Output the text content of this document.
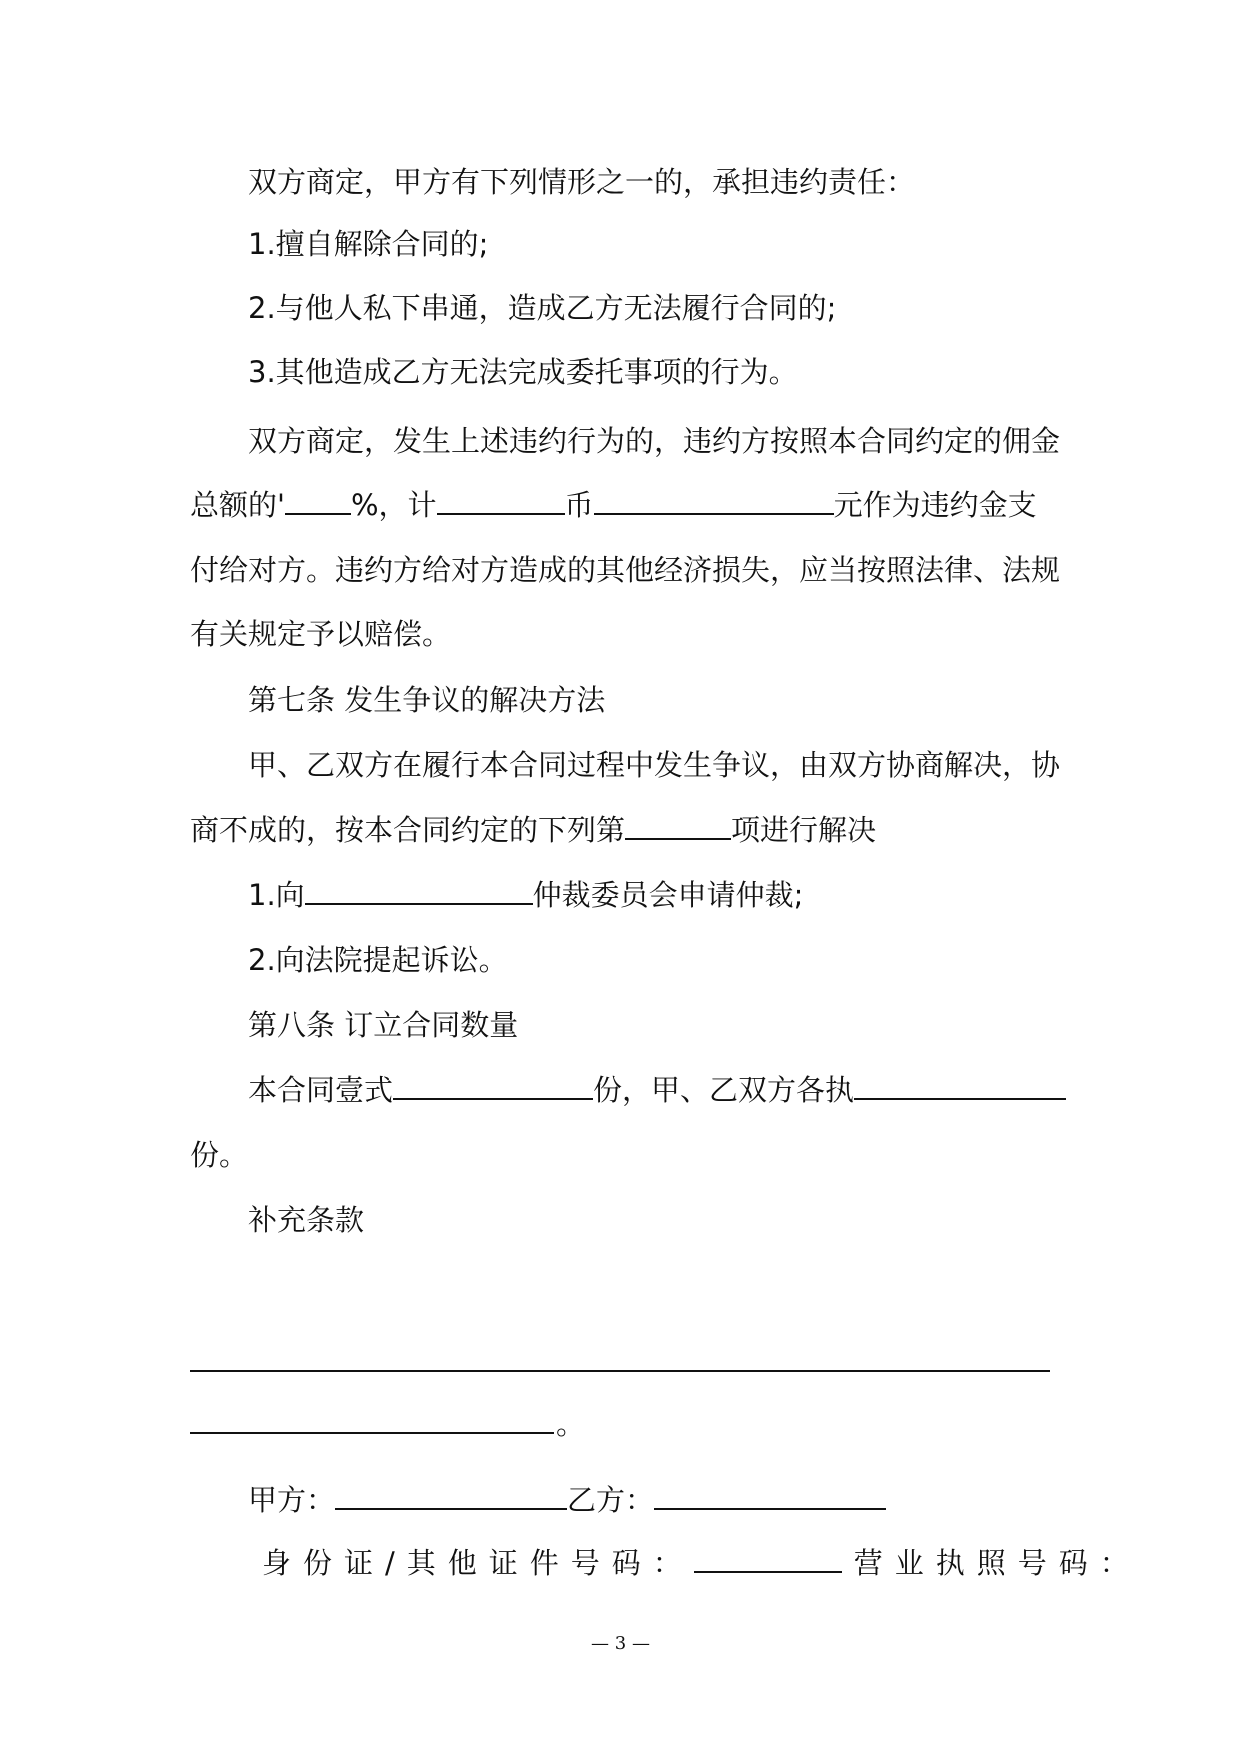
双方商定，甲方有下列情形之一的，承担违约责任：
1.擅自解除合同的;
2.与他人私下串通，造成乙方无法履行合同的;
3.其他造成乙方无法完成委托事项的行为。
双方商定，发生上述违约行为的，违约方按照本合同约定的佣金
总额的' %，计	币	元作为违约金支
付给对方。违约方给对方造成的其他经济损失，应当按照法律、法规
有关规定予以赔偿。
第七条 发生争议的解决方法
甲、乙双方在履行本合同过程中发生争议，由双方协商解决，协
商不成的，按本合同约定的下列第	项进行解决
1.向	仲裁委员会申请仲裁;
2.向法院提起诉讼。
第八条 订立合同数量
本合同壹式	份，甲、乙双方各执
份。
补充条款
。
甲方：	乙方：
身份证/其他证件号码：	营业执照号码：
— 3 —
